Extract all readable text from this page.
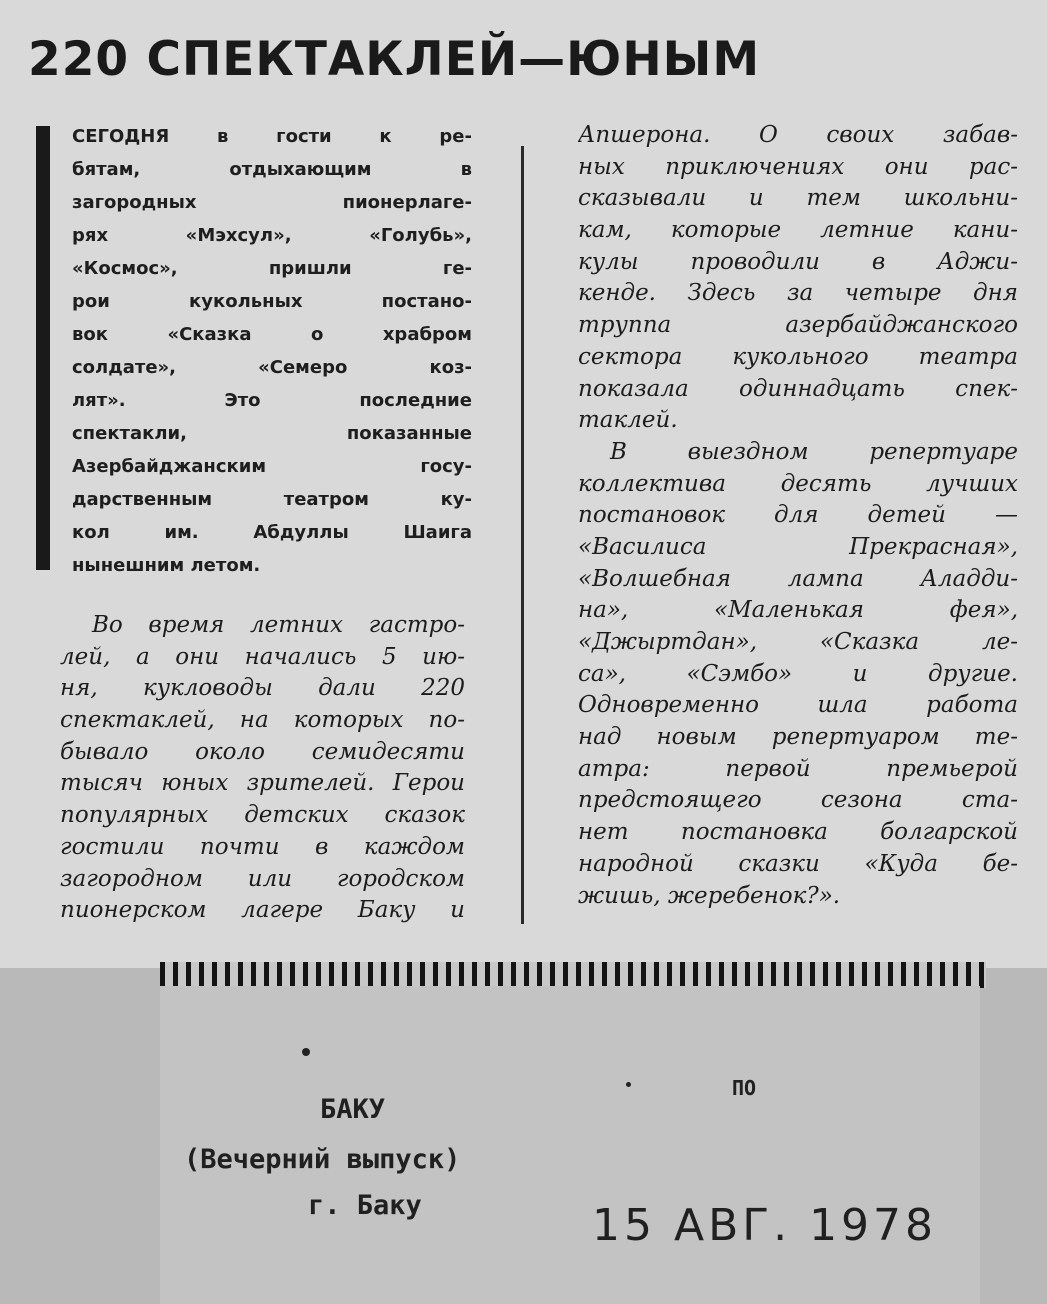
220 СПЕКТАКЛЕЙ—ЮНЫМ
СЕГОДНЯ в гости к ре-
бятам, отдыхающим в
загородных пионерлаге-
рях «Мэхсул», «Голубь»,
«Космос», пришли ге-
рои кукольных постано-
вок «Сказка о храбром
солдате», «Семеро коз-
лят». Это последние
спектакли, показанные
Азербайджанским госу-
дарственным театром ку-
кол им. Абдуллы Шаига
нынешним летом.
Во время летних гастро-
лей, а они начались 5 ию-
ня, кукловоды дали 220
спектаклей, на которых по-
бывало около семидесяти
тысяч юных зрителей. Герои
популярных детских сказок
гостили почти в каждом
загородном или городском
пионерском лагере Баку и
Апшерона. О своих забав-
ных приключениях они рас-
сказывали и тем школьни-
кам, которые летние кани-
кулы проводили в Аджи-
кенде. Здесь за четыре дня
труппа азербайджанского
сектора кукольного театра
показала одиннадцать спек-
таклей.
В выездном репертуаре
коллектива десять лучших
постановок для детей —
«Василиса Прекрасная»,
«Волшебная лампа Аладди-
на», «Маленькая фея»,
«Джыртдан», «Сказка ле-
са», «Сэмбо» и другие.
Одновременно шла работа
над новым репертуаром те-
атра: первой премьерой
предстоящего сезона ста-
нет постановка болгарской
народной сказки «Куда бе-
жишь, жеребенок?».
ПО
БАКУ
(Вечерний выпуск)
г. Баку	15 АВГ. 1978
